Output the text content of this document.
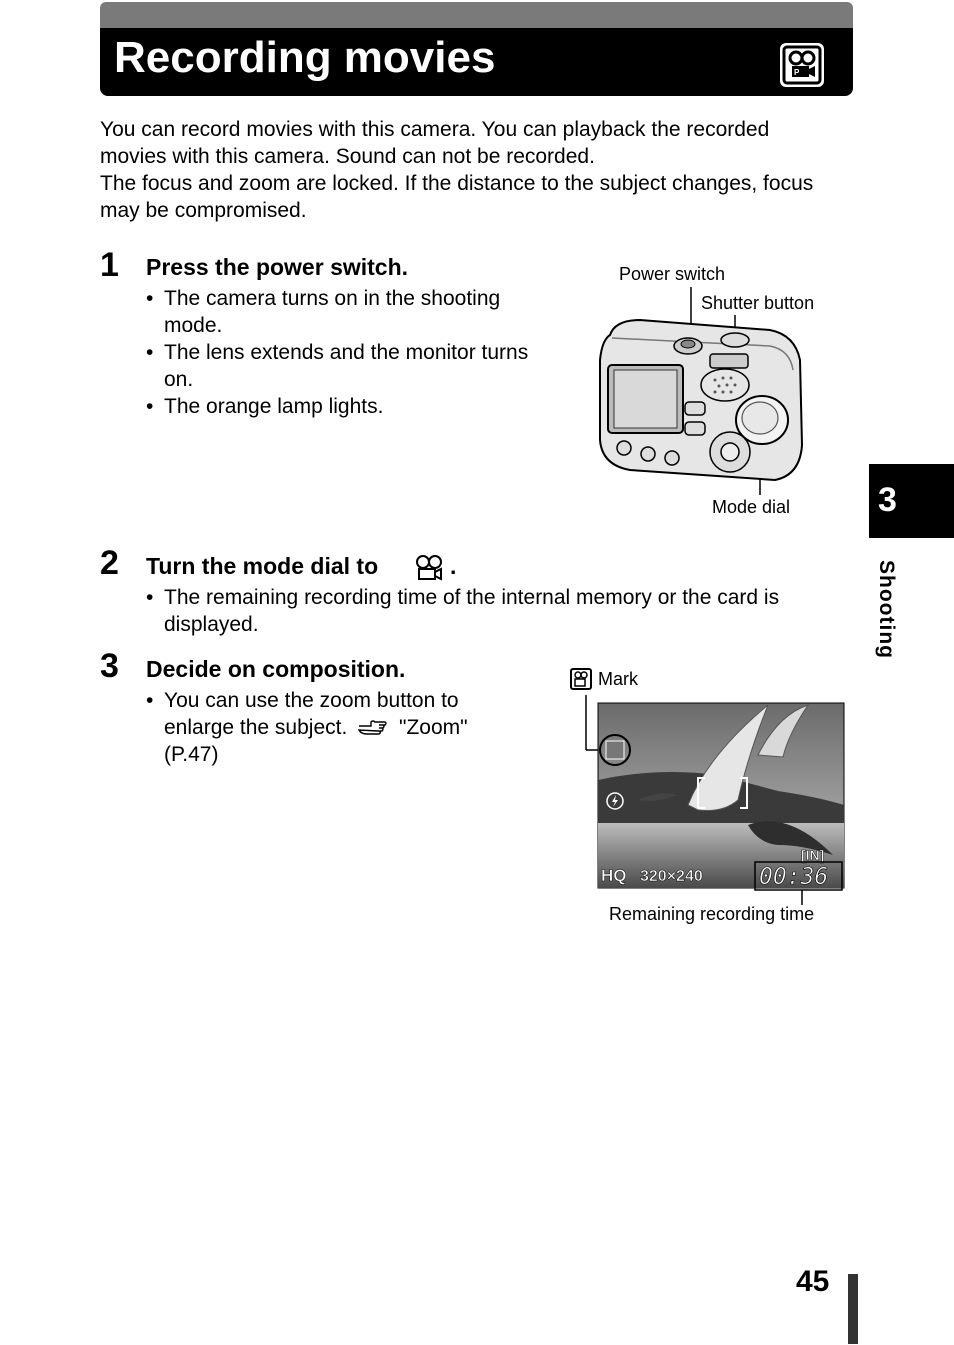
Recording movies	P

You can record movies with this camera. You can playback the recorded

movies with this camera. Sound can not be recorded.

The focus and zoom are locked. If the distance to the subject changes, focus

may be compromised.

1 Press the power switch.
• The camera turns on in the shooting mode.
• The lens extends and the monitor turns on.
• The orange lamp lights.
Power switch
Shutter button
Mode dial
2 Turn the mode dial to	.
• The remaining recording time of the internal memory or the card is displayed.
3 Decide on composition.
• You can use the zoom button to enlarge the subject. "Zoom" (P.47)
Mark
[IN]
HQ 320×240 00:36
Remaining recording time
3
Shooting
45
